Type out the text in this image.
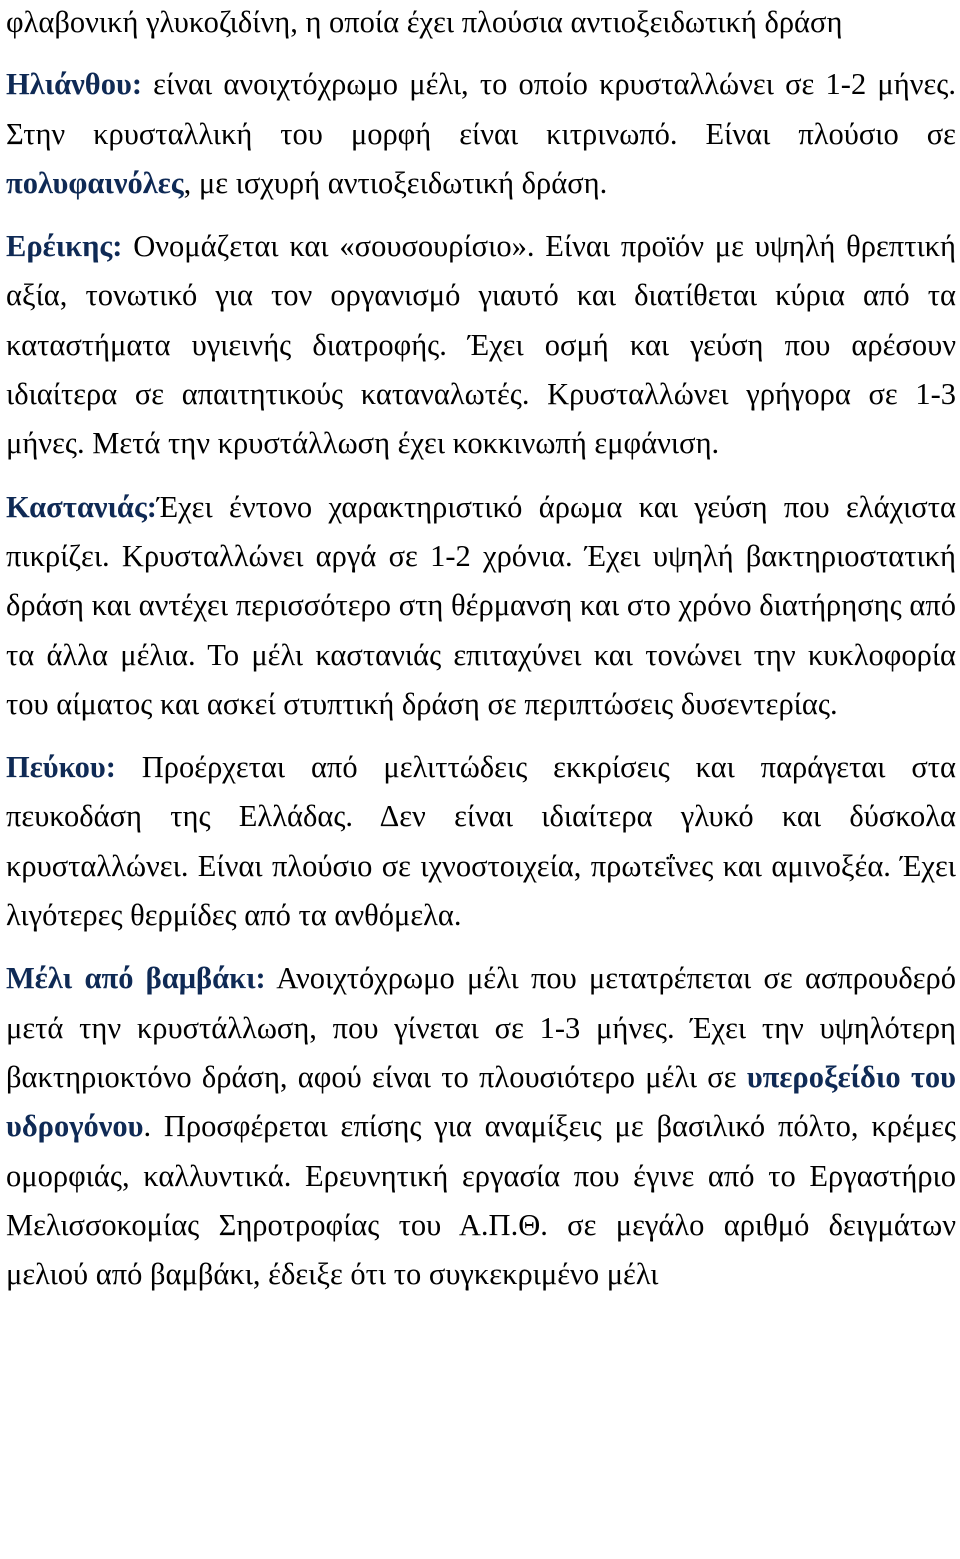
φλαβονική γλυκοζιδίνη, η οποία έχει πλούσια αντιοξειδωτική δράση

Ηλιάνθου: είναι ανοιχτόχρωμο μέλι, το οποίο κρυσταλλώνει σε 1-2 μήνες. Στην κρυσταλλική του μορφή είναι κιτρινωπό. Είναι πλούσιο σε πολυφαινόλες, με ισχυρή αντιοξειδωτική δράση.

Ερέικης: Ονομάζεται και «σουσουρίσιο». Είναι προϊόν με υψηλή θρεπτική αξία, τονωτικό για τον οργανισμό γιαυτό και διατίθεται κύρια από τα καταστήματα υγιεινής διατροφής. Έχει οσμή και γεύση που αρέσουν ιδιαίτερα σε απαιτητικούς καταναλωτές. Κρυσταλλώνει γρήγορα σε 1-3 μήνες. Μετά την κρυστάλλωση έχει κοκκινωπή εμφάνιση.

Καστανιάς:Έχει έντονο χαρακτηριστικό άρωμα και γεύση που ελάχιστα πικρίζει. Κρυσταλλώνει αργά σε 1-2 χρόνια. Έχει υψηλή βακτηριοστατική δράση και αντέχει περισσότερο στη θέρμανση και στο χρόνο διατήρησης από τα άλλα μέλια. Το μέλι καστανιάς επιταχύνει και τονώνει την κυκλοφορία του αίματος και ασκεί στυπτική δράση σε περιπτώσεις δυσεντερίας.

Πεύκου: Προέρχεται από μελιττώδεις εκκρίσεις και παράγεται στα πευκοδάση της Ελλάδας. Δεν είναι ιδιαίτερα γλυκό και δύσκολα κρυσταλλώνει. Είναι πλούσιο σε ιχνοστοιχεία, πρωτεΐνες και αμινοξέα. Έχει λιγότερες θερμίδες από τα ανθόμελα.

Μέλι από βαμβάκι: Ανοιχτόχρωμο μέλι που μετατρέπεται σε ασπρουδερό μετά την κρυστάλλωση, που γίνεται σε 1-3 μήνες. Έχει την υψηλότερη βακτηριοκτόνο δράση, αφού είναι το πλουσιότερο μέλι σε υπεροξείδιο του υδρογόνου. Προσφέρεται επίσης για αναμίξεις με βασιλικό πόλτο, κρέμες ομορφιάς, καλλυντικά. Ερευνητική εργασία που έγινε από το Εργαστήριο Μελισσοκομίας Σηροτροφίας του Α.Π.Θ. σε μεγάλο αριθμό δειγμάτων μελιού από βαμβάκι, έδειξε ότι το συγκεκριμένο μέλι
